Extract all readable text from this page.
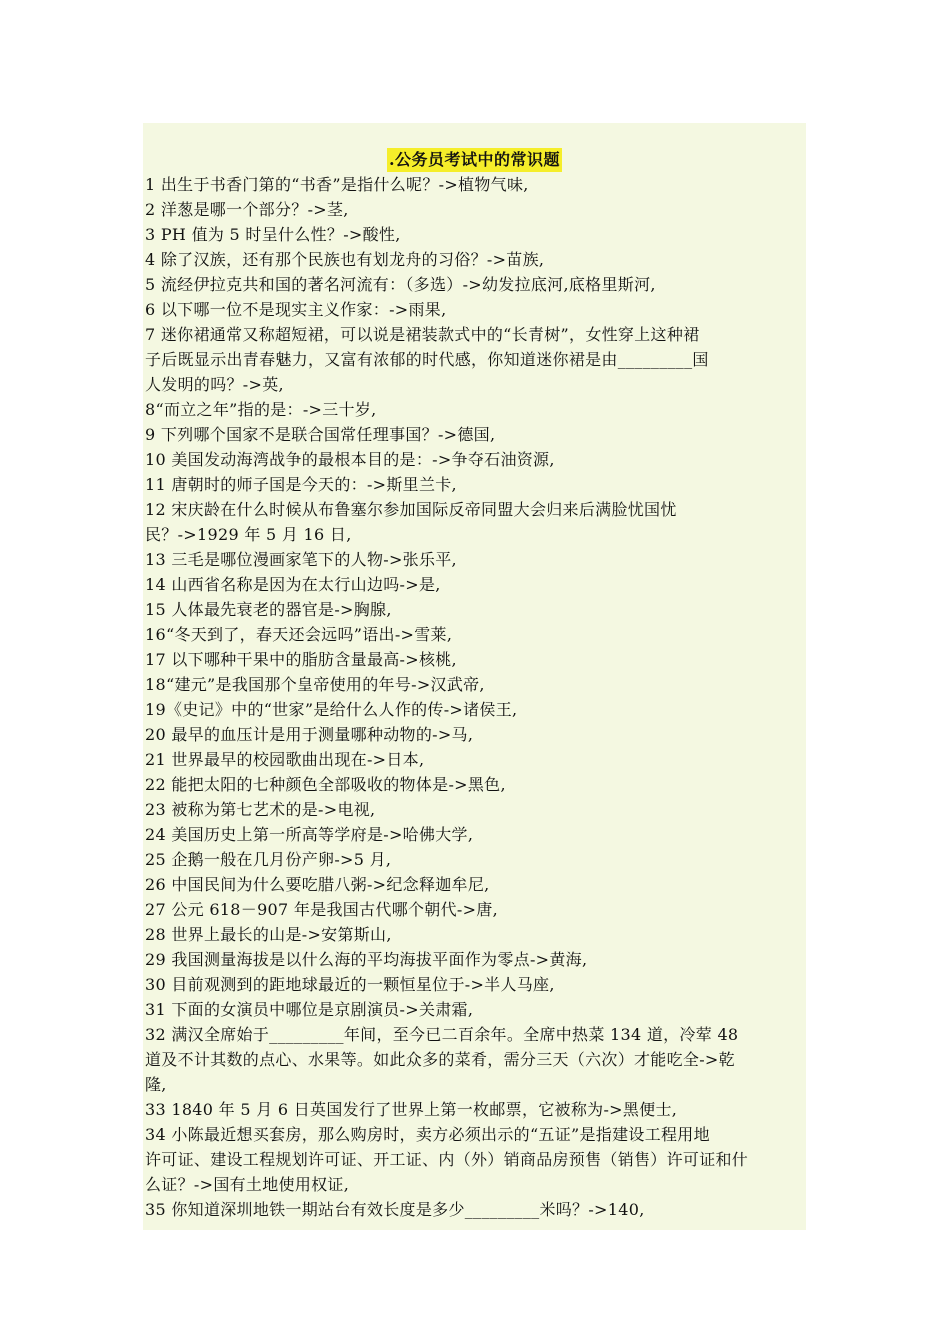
.公务员考试中的常识题
1 出生于书香门第的“书香”是指什么呢？->植物气味,
2 洋葱是哪一个部分？->茎,
3 PH 值为 5 时呈什么性？->酸性,
4 除了汉族，还有那个民族也有划龙舟的习俗？->苗族,
5 流经伊拉克共和国的著名河流有：（多选）->幼发拉底河,底格里斯河,
6 以下哪一位不是现实主义作家：->雨果,
7 迷你裙通常又称超短裙，可以说是裙装款式中的“长青树”，女性穿上这种裙
子后既显示出青春魅力，又富有浓郁的时代感，你知道迷你裙是由_________国
人发明的吗？->英,
8“而立之年”指的是：->三十岁,
9 下列哪个国家不是联合国常任理事国？->德国,
10 美国发动海湾战争的最根本目的是：->争夺石油资源,
11 唐朝时的师子国是今天的：->斯里兰卡,
12 宋庆龄在什么时候从布鲁塞尔参加国际反帝同盟大会归来后满脸忧国忧
民？->1929 年 5 月 16 日,
13 三毛是哪位漫画家笔下的人物->张乐平,
14 山西省名称是因为在太行山边吗->是,
15 人体最先衰老的器官是->胸腺,
16“冬天到了，春天还会远吗”语出->雪莱,
17 以下哪种干果中的脂肪含量最高->核桃,
18“建元”是我国那个皇帝使用的年号->汉武帝,
19《史记》中的“世家”是给什么人作的传->诸侯王,
20 最早的血压计是用于测量哪种动物的->马,
21 世界最早的校园歌曲出现在->日本,
22 能把太阳的七种颜色全部吸收的物体是->黑色,
23 被称为第七艺术的是->电视,
24 美国历史上第一所高等学府是->哈佛大学,
25 企鹅一般在几月份产卵->5 月,
26 中国民间为什么要吃腊八粥->纪念释迦牟尼,
27 公元 618－907 年是我国古代哪个朝代->唐,
28 世界上最长的山是->安第斯山,
29 我国测量海拔是以什么海的平均海拔平面作为零点->黄海,
30 目前观测到的距地球最近的一颗恒星位于->半人马座,
31 下面的女演员中哪位是京剧演员->关肃霜,
32 满汉全席始于_________年间，至今已二百余年。全席中热菜 134 道，冷荤 48
道及不计其数的点心、水果等。如此众多的菜肴，需分三天（六次）才能吃全->乾
隆,
33 1840 年 5 月 6 日英国发行了世界上第一枚邮票，它被称为->黑便士,
34 小陈最近想买套房，那么购房时，卖方必须出示的“五证”是指建设工程用地
许可证、建设工程规划许可证、开工证、内（外）销商品房预售（销售）许可证和什
么证？->国有土地使用权证,
35 你知道深圳地铁一期站台有效长度是多少_________米吗？->140,
